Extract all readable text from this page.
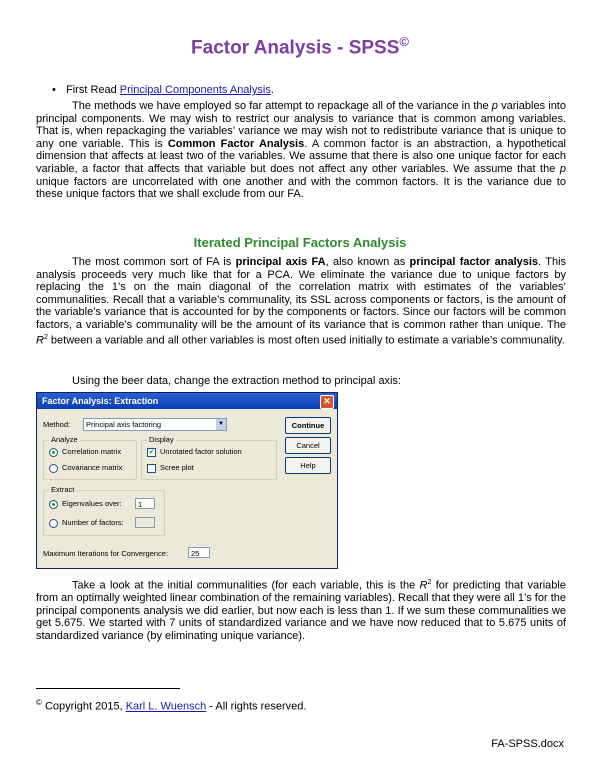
Factor Analysis - SPSS©
• First Read Principal Components Analysis.

The methods we have employed so far attempt to repackage all of the variance in the p variables into principal components. We may wish to restrict our analysis to variance that is common among variables. That is, when repackaging the variables’ variance we may wish not to redistribute variance that is unique to any one variable. This is Common Factor Analysis. A common factor is an abstraction, a hypothetical dimension that affects at least two of the variables. We assume that there is also one unique factor for each variable, a factor that affects that variable but does not affect any other variables. We assume that the p unique factors are uncorrelated with one another and with the common factors. It is the variance due to these unique factors that we shall exclude from our FA.

Iterated Principal Factors Analysis

The most common sort of FA is principal axis FA, also known as principal factor analysis. This analysis proceeds very much like that for a PCA. We eliminate the variance due to unique factors by replacing the 1’s on the main diagonal of the correlation matrix with estimates of the variables’ communalities. Recall that a variable’s communality, its SSL across components or factors, is the amount of the variable’s variance that is accounted for by the components or factors. Since our factors will be common factors, a variable’s communality will be the amount of its variance that is common rather than unique. The $R^2$ between a variable and all other variables is most often used initially to estimate a variable’s communality.

Using the beer data, change the extraction method to principal axis:

Factor Analysis: Extraction	✕
Method:	Principal axis factoring	▼	Continue
Cancel
Help
Analyze
Correlation matrix
Covariance matrix
Display
✔ Unrotated factor solution
Scree plot
Extract
Eigenvalues over:	1
Number of factors:
Maximum Iterations for Convergence:	25

Take a look at the initial communalities (for each variable, this is the $R^2$ for predicting that variable from an optimally weighted linear combination of the remaining variables). Recall that they were all 1’s for the principal components analysis we did earlier, but now each is less than 1. If we sum these communalities we get 5.675. We started with 7 units of standardized variance and we have now reduced that to 5.675 units of standardized variance (by eliminating unique variance).

© Copyright 2015, Karl L. Wuensch - All rights reserved.
FA-SPSS.docx
